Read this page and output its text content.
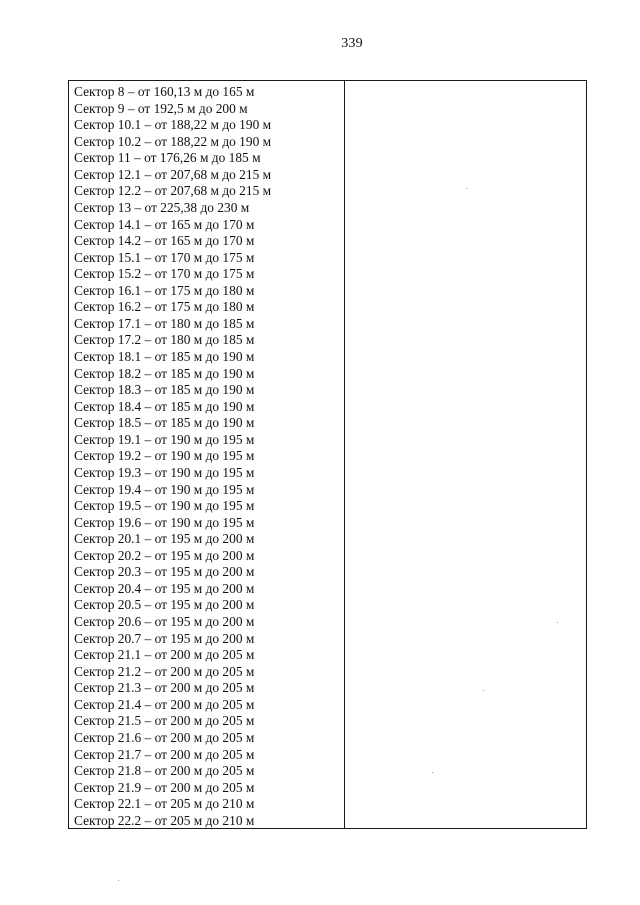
339
Сектор 8 – от 160,13 м до 165 м
Сектор 9 – от 192,5 м до 200 м
Сектор 10.1 – от 188,22 м до 190 м
Сектор 10.2 – от 188,22 м до 190 м
Сектор 11 – от 176,26 м до 185 м
Сектор 12.1 – от 207,68 м до 215 м
Сектор 12.2 – от 207,68 м до 215 м
Сектор 13 – от 225,38 до 230 м
Сектор 14.1 – от 165 м до 170 м
Сектор 14.2 – от 165 м до 170 м
Сектор 15.1 – от 170 м до 175 м
Сектор 15.2 – от 170 м до 175 м
Сектор 16.1 – от 175 м до 180 м
Сектор 16.2 – от 175 м до 180 м
Сектор 17.1 – от 180 м до 185 м
Сектор 17.2 – от 180 м до 185 м
Сектор 18.1 – от 185 м до 190 м
Сектор 18.2 – от 185 м до 190 м
Сектор 18.3 – от 185 м до 190 м
Сектор 18.4 – от 185 м до 190 м
Сектор 18.5 – от 185 м до 190 м
Сектор 19.1 – от 190 м до 195 м
Сектор 19.2 – от 190 м до 195 м
Сектор 19.3 – от 190 м до 195 м
Сектор 19.4 – от 190 м до 195 м
Сектор 19.5 – от 190 м до 195 м
Сектор 19.6 – от 190 м до 195 м
Сектор 20.1 – от 195 м до 200 м
Сектор 20.2 – от 195 м до 200 м
Сектор 20.3 – от 195 м до 200 м
Сектор 20.4 – от 195 м до 200 м
Сектор 20.5 – от 195 м до 200 м
Сектор 20.6 – от 195 м до 200 м
Сектор 20.7 – от 195 м до 200 м
Сектор 21.1 – от 200 м до 205 м
Сектор 21.2 – от 200 м до 205 м
Сектор 21.3 – от 200 м до 205 м
Сектор 21.4 – от 200 м до 205 м
Сектор 21.5 – от 200 м до 205 м
Сектор 21.6 – от 200 м до 205 м
Сектор 21.7 – от 200 м до 205 м
Сектор 21.8 – от 200 м до 205 м
Сектор 21.9 – от 200 м до 205 м
Сектор 22.1 – от 205 м до 210 м
Сектор 22.2 – от 205 м до 210 м
